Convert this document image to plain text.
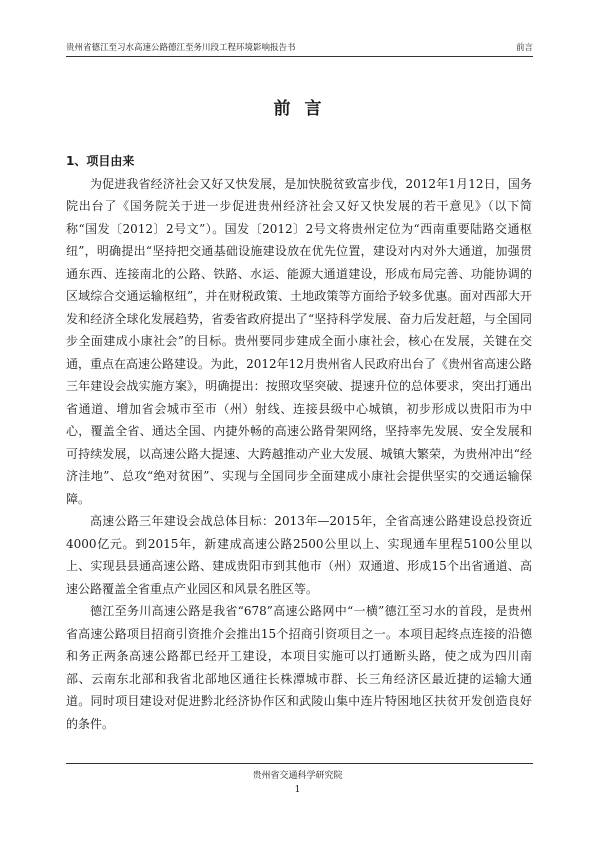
贵州省德江至习水高速公路德江至务川段工程环境影响报告书	前言
前言

1、项目由来

为促进我省经济社会又好又快发展，是加快脱贫致富步伐，2012年1月12日，国务院出台了《国务院关于进一步促进贵州经济社会又好又快发展的若干意见》（以下简称“国发〔2012〕2号文”）。国发〔2012〕2号文将贵州定位为“西南重要陆路交通枢纽”，明确提出“坚持把交通基础设施建设放在优先位置，建设对内对外大通道，加强贯通东西、连接南北的公路、铁路、水运、能源大通道建设，形成布局完善、功能协调的区域综合交通运输枢纽”，并在财税政策、土地政策等方面给予较多优惠。面对西部大开发和经济全球化发展趋势，省委省政府提出了“坚持科学发展、奋力后发赶超，与全国同步全面建成小康社会”的目标。贵州要同步建成全面小康社会，核心在发展，关键在交通，重点在高速公路建设。为此，2012年12月贵州省人民政府出台了《贵州省高速公路三年建设会战实施方案》，明确提出：按照攻坚突破、提速升位的总体要求，突出打通出省通道、增加省会城市至市（州）射线、连接县级中心城镇，初步形成以贵阳市为中心，覆盖全省、通达全国、内捷外畅的高速公路骨架网络，坚持率先发展、安全发展和可持续发展，以高速公路大提速、大跨越推动产业大发展、城镇大繁荣，为贵州冲出“经济洼地”、总攻“绝对贫困”、实现与全国同步全面建成小康社会提供坚实的交通运输保障。

高速公路三年建设会战总体目标：2013年—2015年，全省高速公路建设总投资近4000亿元。到2015年，新建成高速公路2500公里以上、实现通车里程5100公里以上、实现县县通高速公路、建成贵阳市到其他市（州）双通道、形成15个出省通道、高速公路覆盖全省重点产业园区和风景名胜区等。

德江至务川高速公路是我省“678”高速公路网中“一横”德江至习水的首段，是贵州省高速公路项目招商引资推介会推出15个招商引资项目之一。本项目起终点连接的沿德和务正两条高速公路都已经开工建设，本项目实施可以打通断头路，使之成为四川南部、云南东北部和我省北部地区通往长株潭城市群、长三角经济区最近捷的运输大通道。同时项目建设对促进黔北经济协作区和武陵山集中连片特困地区扶贫开发创造良好的条件。

贵州省交通科学研究院
1
